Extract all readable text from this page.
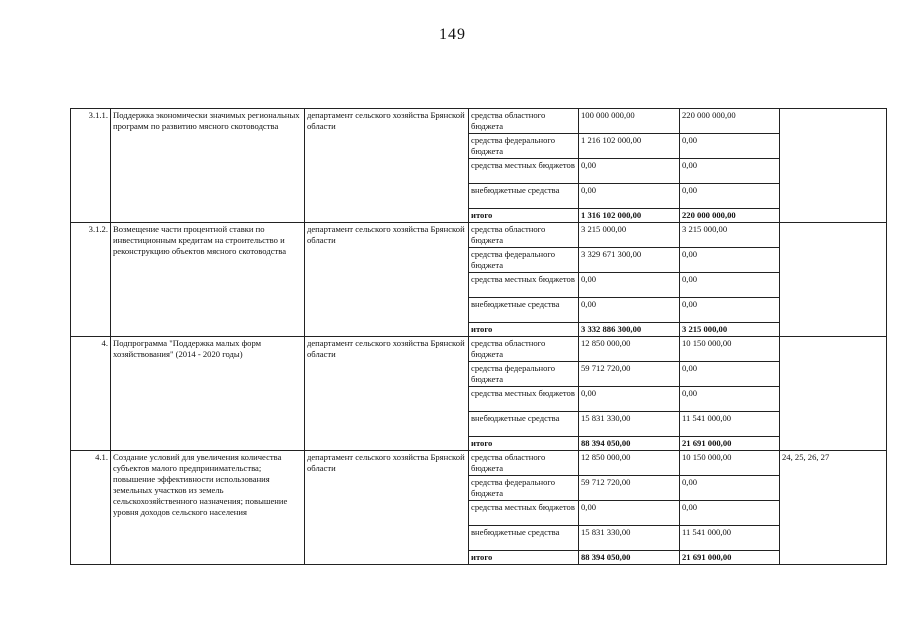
149
3.1.1.	Поддержка экономически значимых региональных программ по развитию мясного скотоводства	департамент сельского хозяйства Брянской области	средства областного бюджета	100 000 000,00	220 000 000,00	
			средства федерального бюджета	1 216 102 000,00	0,00	
			средства местных бюджетов	0,00	0,00	
			внебюджетные средства	0,00	0,00	
			итого	1 316 102 000,00	220 000 000,00	
3.1.2.	Возмещение части процентной ставки по инвестиционным кредитам на строительство и реконструкцию объектов мясного скотоводства	департамент сельского хозяйства Брянской области	средства областного бюджета	3 215 000,00	3 215 000,00	
			средства федерального бюджета	3 329 671 300,00	0,00	
			средства местных бюджетов	0,00	0,00	
			внебюджетные средства	0,00	0,00	
			итого	3 332 886 300,00	3 215 000,00	
4.	Подпрограмма "Поддержка малых форм хозяйствования" (2014 - 2020 годы)	департамент сельского хозяйства Брянской области	средства областного бюджета	12 850 000,00	10 150 000,00	
			средства федерального бюджета	59 712 720,00	0,00	
			средства местных бюджетов	0,00	0,00	
			внебюджетные средства	15 831 330,00	11 541 000,00	
			итого	88 394 050,00	21 691 000,00	
4.1.	Создание условий для увеличения количества субъектов малого предпринимательства; повышение эффективности использования земельных участков из земель сельскохозяйственного назначения; повышение уровня доходов сельского населения	департамент сельского хозяйства Брянской области	средства областного бюджета	12 850 000,00	10 150 000,00	24, 25, 26, 27
			средства федерального бюджета	59 712 720,00	0,00	
			средства местных бюджетов	0,00	0,00	
			внебюджетные средства	15 831 330,00	11 541 000,00	
			итого	88 394 050,00	21 691 000,00	
